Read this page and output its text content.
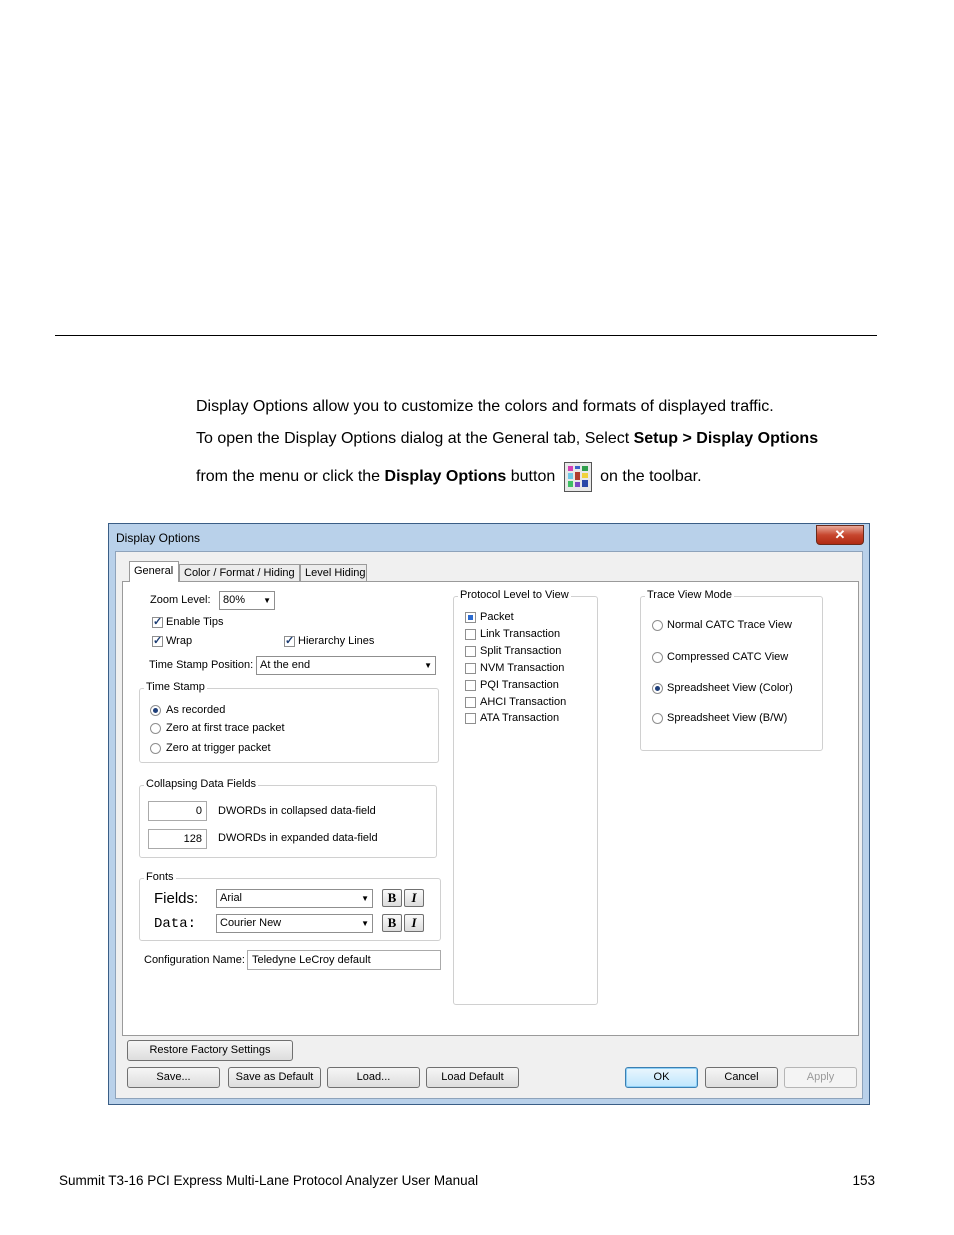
Display Options allow you to customize the colors and formats of displayed traffic.
To open the Display Options dialog at the General tab, Select Setup > Display Options
from the menu or click the Display Options button  on the toolbar.
Display Options	✕
General Color / Format / Hiding Level Hiding
Zoom Level:	80% ▼
✓
Enable Tips
✓
Wrap
✓	Hierarchy Lines
Time Stamp Position: At the end	▼
Time Stamp
As recorded
Zero at first trace packet
Zero at trigger packet
Collapsing Data Fields
0	DWORDs in collapsed data-field
128	DWORDs in expanded data-field
Fonts
Fields:	Arial	▼	B	I
Data:	Courier New	▼	B	I
Configuration Name: Teledyne LeCroy default
Protocol Level to View
Packet
Link Transaction
Split Transaction
NVM Transaction
PQI Transaction
AHCI Transaction
ATA Transaction
Trace View Mode
Normal CATC Trace View
Compressed CATC View
Spreadsheet View (Color)
Spreadsheet View (B/W)
Restore Factory Settings
Save...	Save as Default	Load...	Load Default	OK	Cancel	Apply
Summit T3-16 PCI Express Multi-Lane Protocol Analyzer User Manual	153
